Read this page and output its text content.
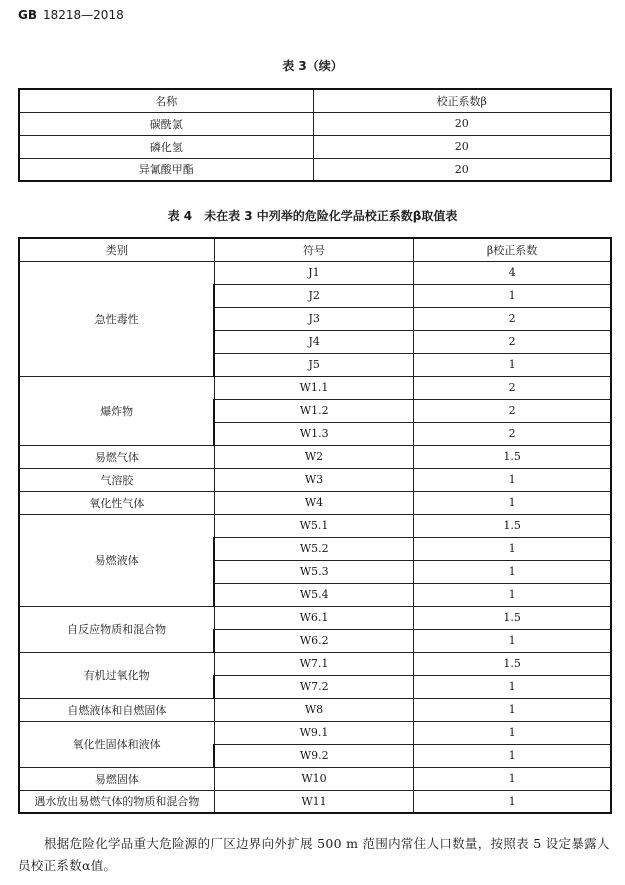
GB 18218—2018
表 3（续）
名称	校正系数β
碳酰氯	20
磷化氢	20
异氰酸甲酯	20
表 4　未在表 3 中列举的危险化学品校正系数β取值表
类别	符号	β校正系数
急性毒性	J1	4
	J2	1
	J3	2
	J4	2
	J5	1
爆炸物	W1.1	2
	W1.2	2
	W1.3	2
易燃气体	W2	1.5
气溶胶	W3	1
氧化性气体	W4	1
易燃液体	W5.1	1.5
	W5.2	1
	W5.3	1
	W5.4	1
自反应物质和混合物	W6.1	1.5
	W6.2	1
有机过氧化物	W7.1	1.5
	W7.2	1
自燃液体和自燃固体	W8	1
氧化性固体和液体	W9.1	1
	W9.2	1
易燃固体	W10	1
遇水放出易燃气体的物质和混合物	W11	1
根据危险化学品重大危险源的厂区边界向外扩展 500 m 范围内常住人口数量，按照表 5 设定暴露人员校正系数α值。
